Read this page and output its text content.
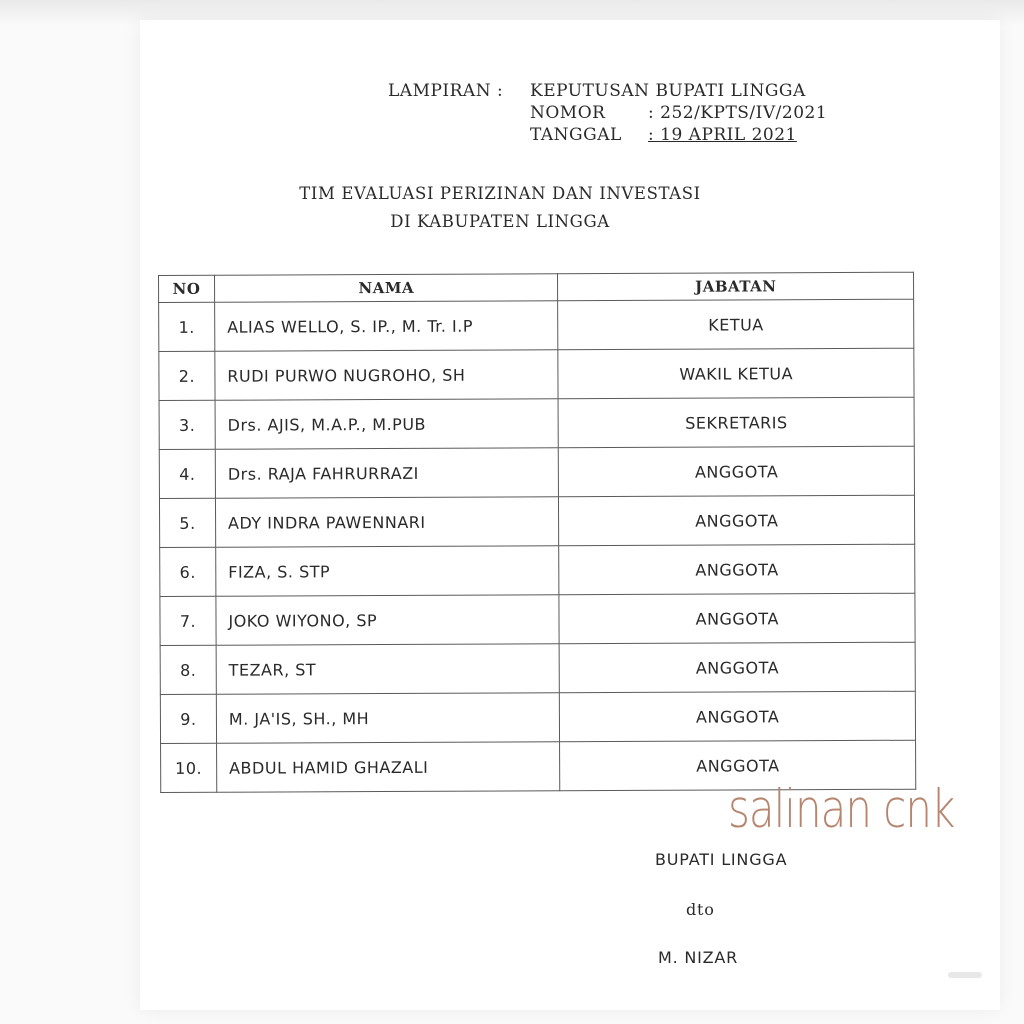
LAMPIRAN : KEPUTUSAN BUPATI LINGGA
NOMOR	: 252/KPTS/IV/2021
TANGGAL : 19 APRIL 2021
TIM EVALUASI PERIZINAN DAN INVESTASI
DI KABUPATEN LINGGA
NO	NAMA	JABATAN
1.	ALIAS WELLO, S. IP., M. Tr. I.P	KETUA
2.	RUDI PURWO NUGROHO, SH	WAKIL KETUA
3.	Drs. AJIS, M.A.P., M.PUB	SEKRETARIS
4.	Drs. RAJA FAHRURRAZI	ANGGOTA
5.	ADY INDRA PAWENNARI	ANGGOTA
6.	FIZA, S. STP	ANGGOTA
7.	JOKO WIYONO, SP	ANGGOTA
8.	TEZAR, ST	ANGGOTA
9.	M. JA'IS, SH., MH	ANGGOTA
10.	ABDUL HAMID GHAZALI	ANGGOTA
salinan cnk
BUPATI LINGGA
dto
M. NIZAR
